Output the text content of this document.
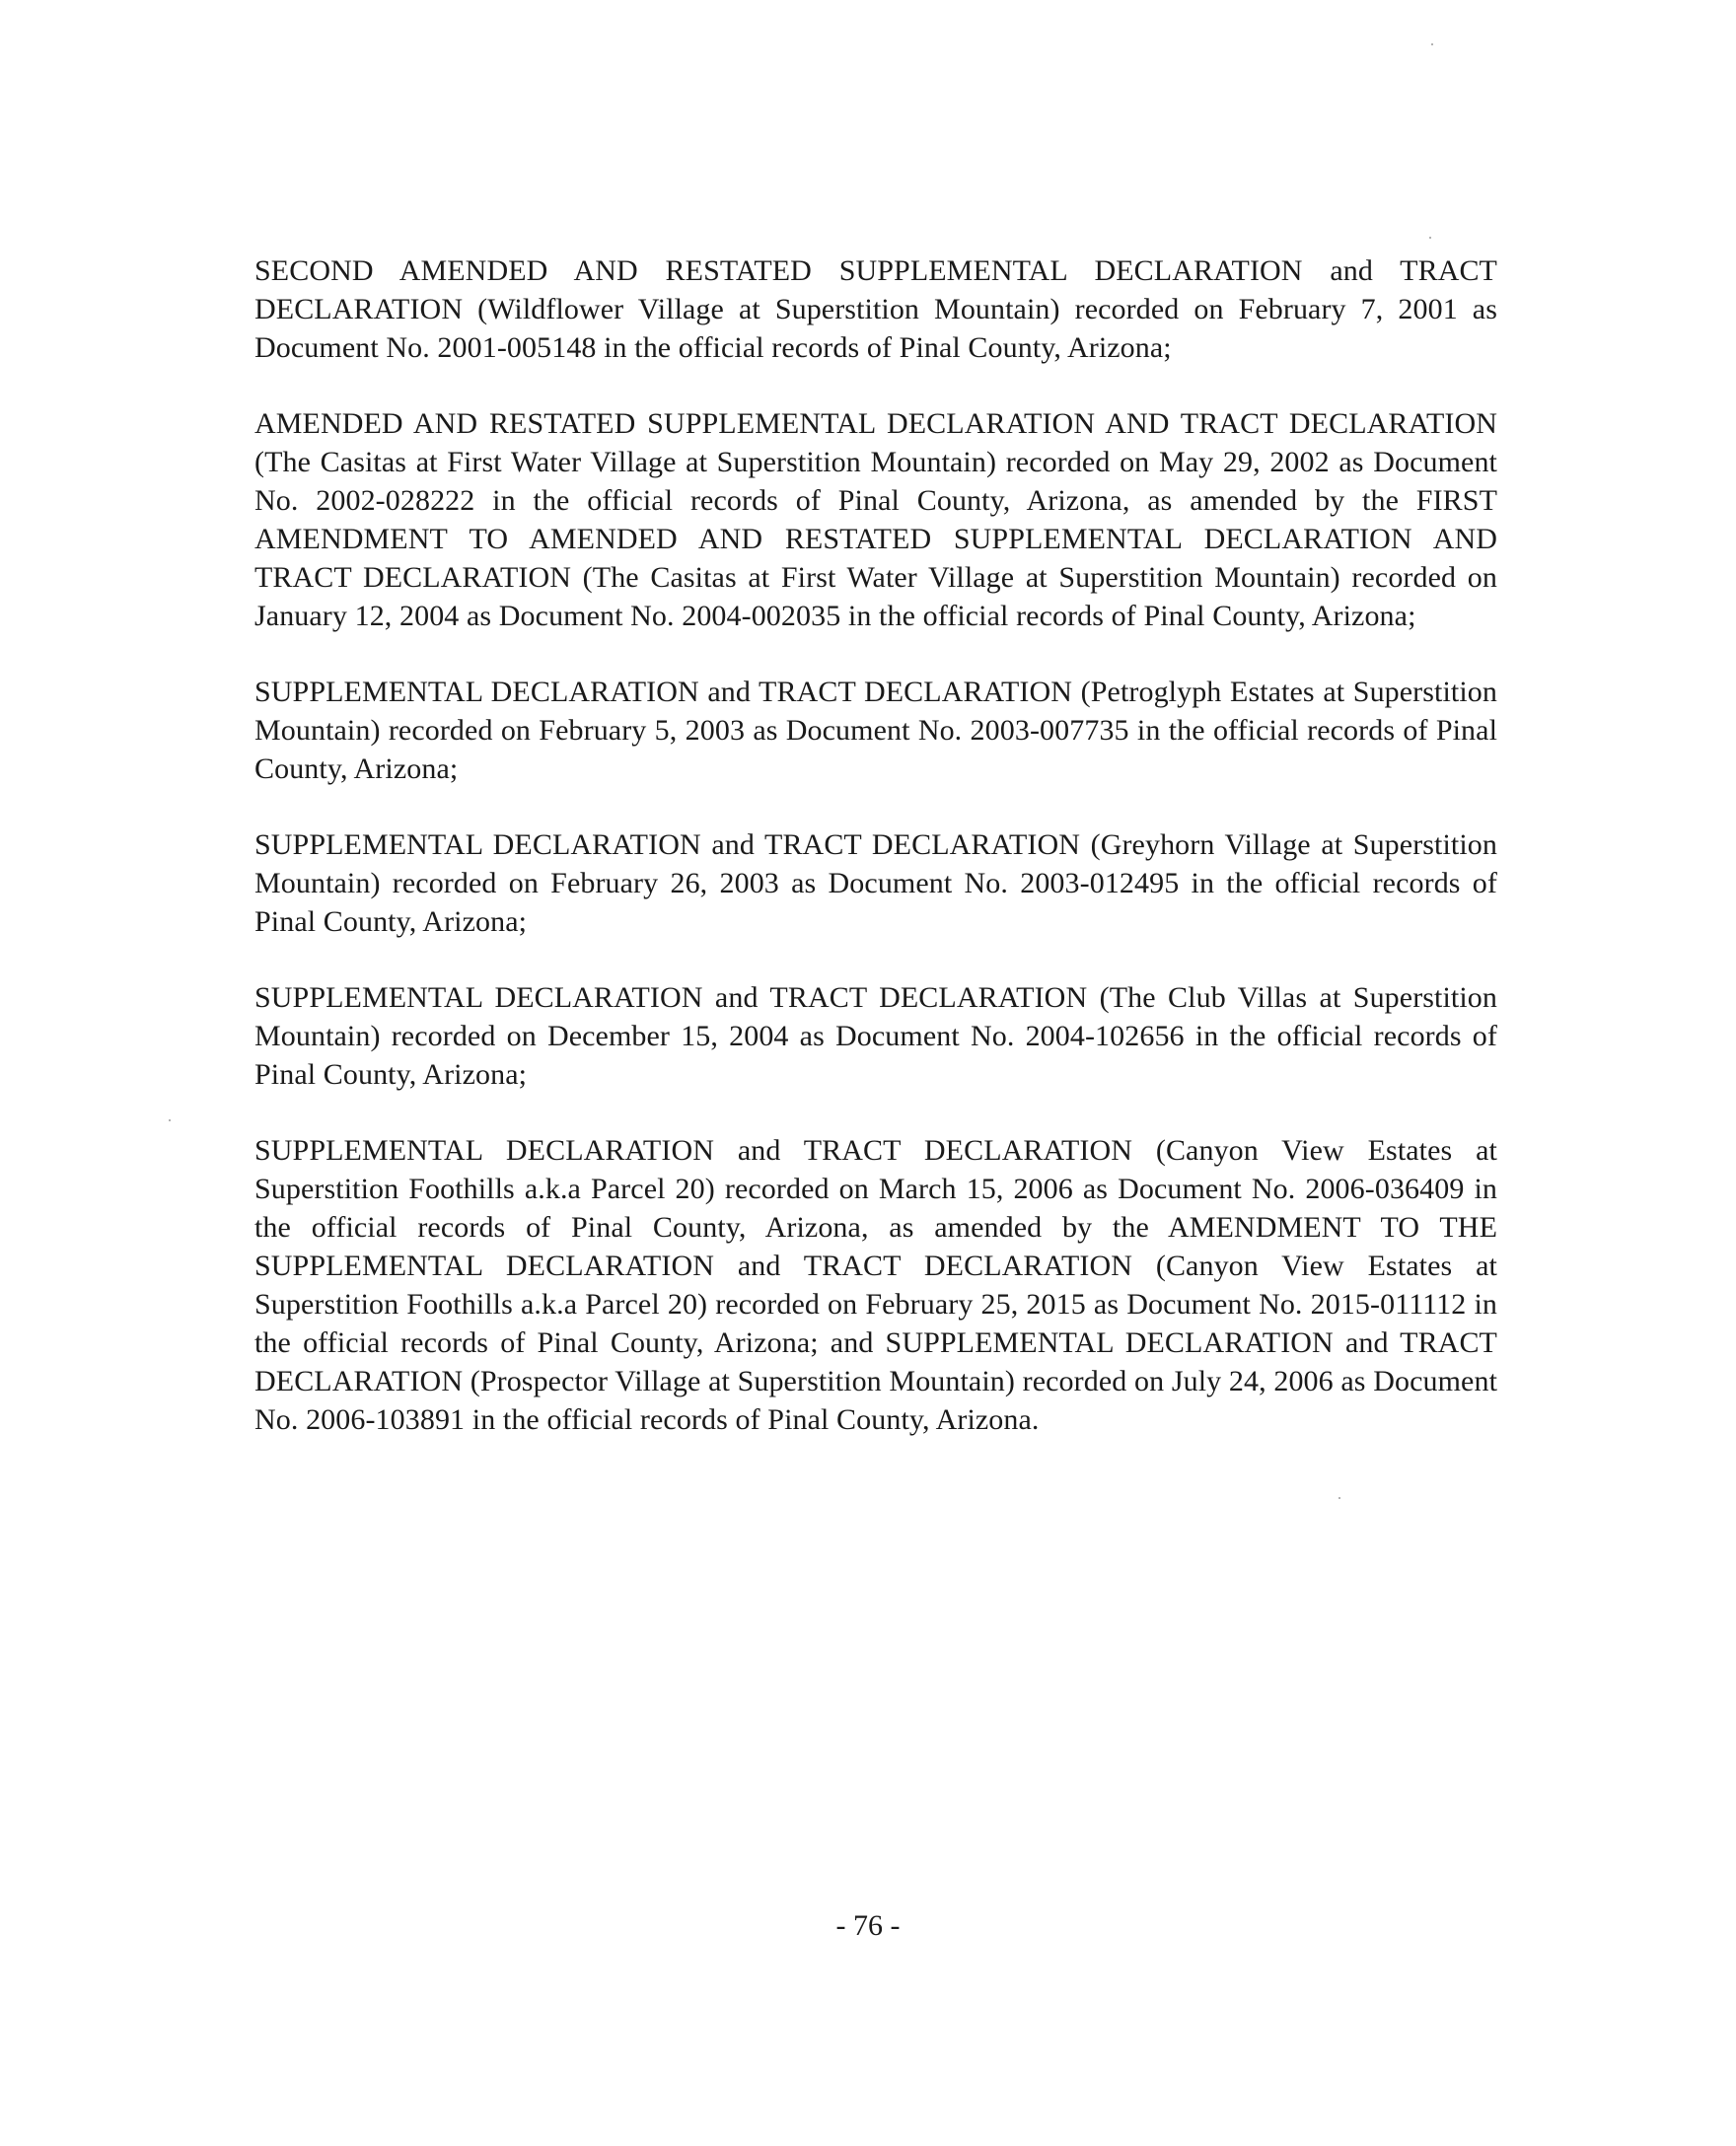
SECOND AMENDED AND RESTATED SUPPLEMENTAL DECLARATION and TRACT DECLARATION (Wildflower Village at Superstition Mountain) recorded on February 7, 2001 as Document No. 2001-005148 in the official records of Pinal County, Arizona;

AMENDED AND RESTATED SUPPLEMENTAL DECLARATION AND TRACT DECLARATION (The Casitas at First Water Village at Superstition Mountain) recorded on May 29, 2002 as Document No. 2002-028222 in the official records of Pinal County, Arizona, as amended by the FIRST AMENDMENT TO AMENDED AND RESTATED SUPPLEMENTAL DECLARATION AND TRACT DECLARATION (The Casitas at First Water Village at Superstition Mountain) recorded on January 12, 2004 as Document No. 2004-002035 in the official records of Pinal County, Arizona;

SUPPLEMENTAL DECLARATION and TRACT DECLARATION (Petroglyph Estates at Superstition Mountain) recorded on February 5, 2003 as Document No. 2003-007735 in the official records of Pinal County, Arizona;

SUPPLEMENTAL DECLARATION and TRACT DECLARATION (Greyhorn Village at Superstition Mountain) recorded on February 26, 2003 as Document No. 2003-012495 in the official records of Pinal County, Arizona;

SUPPLEMENTAL DECLARATION and TRACT DECLARATION (The Club Villas at Superstition Mountain) recorded on December 15, 2004 as Document No. 2004-102656 in the official records of Pinal County, Arizona;

SUPPLEMENTAL DECLARATION and TRACT DECLARATION (Canyon View Estates at Superstition Foothills a.k.a Parcel 20) recorded on March 15, 2006 as Document No. 2006-036409 in the official records of Pinal County, Arizona, as amended by the AMENDMENT TO THE SUPPLEMENTAL DECLARATION and TRACT DECLARATION (Canyon View Estates at Superstition Foothills a.k.a Parcel 20) recorded on February 25, 2015 as Document No. 2015-011112 in the official records of Pinal County, Arizona; and SUPPLEMENTAL DECLARATION and TRACT DECLARATION (Prospector Village at Superstition Mountain) recorded on July 24, 2006 as Document No. 2006-103891 in the official records of Pinal County, Arizona.

- 76 -
